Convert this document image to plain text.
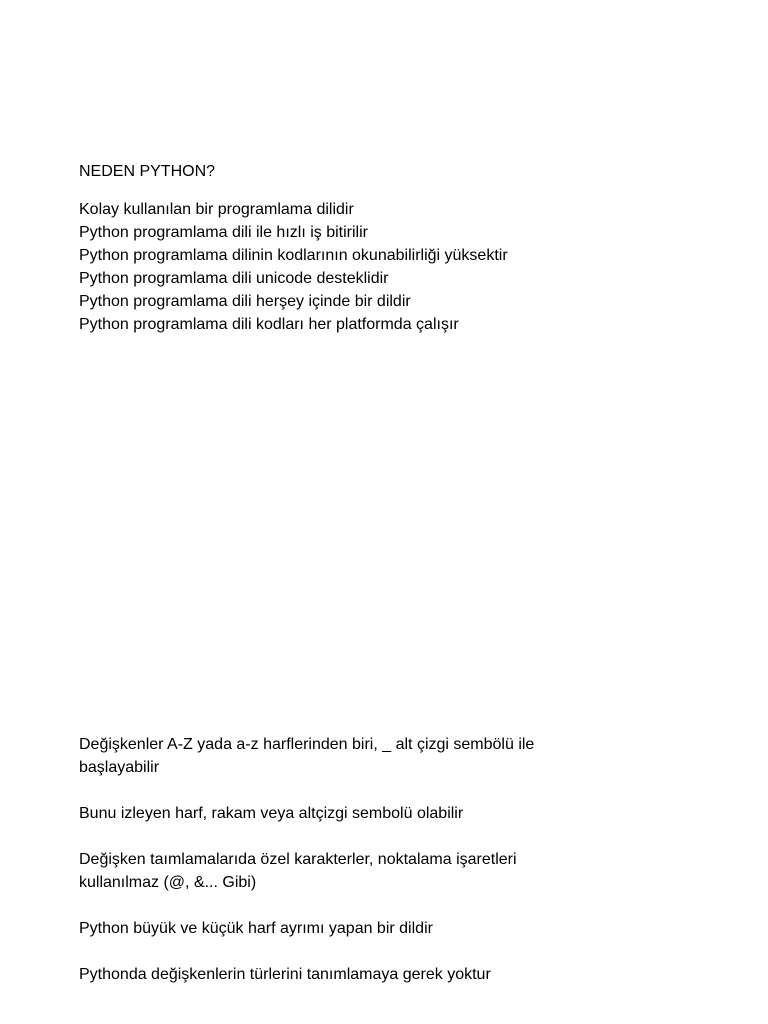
NEDEN PYTHON?
Kolay kullanılan bir programlama dilidir
Python programlama dili ile hızlı iş bitirilir
Python programlama dilinin kodlarının okunabilirliği yüksektir
Python programlama dili unicode desteklidir
Python programlama dili herşey içinde bir dildir
Python programlama dili kodları her platformda çalışır
Değişkenler A-Z yada a-z harflerinden biri, _ alt çizgi sembölü ile başlayabilir
Bunu izleyen harf, rakam veya altçizgi sembolü olabilir
Değişken taımlamalarıda özel karakterler, noktalama işaretleri kullanılmaz (@, &... Gibi)
Python büyük ve küçük harf ayrımı yapan bir dildir
Pythonda değişkenlerin türlerini tanımlamaya gerek yoktur
